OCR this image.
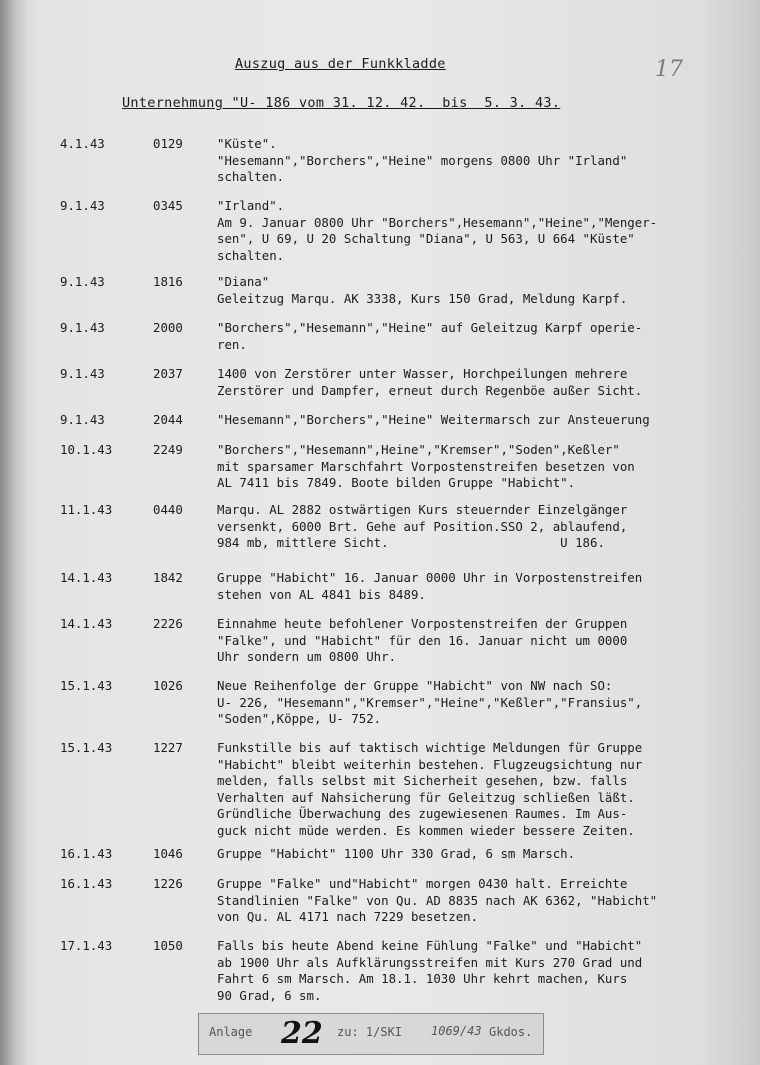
Auszug aus der Funkkladde
Unternehmung "U- 186 vom 31. 12. 42.  bis  5. 3. 43.
17
4.1.43	0129	"Küste".
"Hesemann","Borchers","Heine" morgens 0800 Uhr "Irland"
schalten.
9.1.43	0345	"Irland".
Am 9. Januar 0800 Uhr "Borchers",Hesemann","Heine","Menger-
sen", U 69, U 20 Schaltung "Diana", U 563, U 664 "Küste"
schalten.
9.1.43	1816	"Diana"
Geleitzug Marqu. AK 3338, Kurs 150 Grad, Meldung Karpf.
9.1.43	2000	"Borchers","Hesemann","Heine" auf Geleitzug Karpf operie-
ren.
9.1.43	2037	1400 von Zerstörer unter Wasser, Horchpeilungen mehrere
Zerstörer und Dampfer, erneut durch Regenböe außer Sicht.
9.1.43	2044	"Hesemann","Borchers","Heine" Weitermarsch zur Ansteuerung
10.1.43	2249	"Borchers","Hesemann",Heine","Kremser","Soden",Keßler"
mit sparsamer Marschfahrt Vorpostenstreifen besetzen von
AL 7411 bis 7849. Boote bilden Gruppe "Habicht".
11.1.43	0440	Marqu. AL 2882 ostwärtigen Kurs steuernder Einzelgänger
versenkt, 6000 Brt. Gehe auf Position.SSO 2, ablaufend,
984 mb, mittlere Sicht.                       U 186.
14.1.43	1842	Gruppe "Habicht" 16. Januar 0000 Uhr in Vorpostenstreifen
stehen von AL 4841 bis 8489.
14.1.43	2226	Einnahme heute befohlener Vorpostenstreifen der Gruppen
"Falke", und "Habicht" für den 16. Januar nicht um 0000
Uhr sondern um 0800 Uhr.
15.1.43	1026	Neue Reihenfolge der Gruppe "Habicht" von NW nach SO:
U- 226, "Hesemann","Kremser","Heine","Keßler","Fransius",
"Soden",Köppe, U- 752.
15.1.43	1227	Funkstille bis auf taktisch wichtige Meldungen für Gruppe
"Habicht" bleibt weiterhin bestehen. Flugzeugsichtung nur
melden, falls selbst mit Sicherheit gesehen, bzw. falls
Verhalten auf Nahsicherung für Geleitzug schließen läßt.
Gründliche Überwachung des zugewiesenen Raumes. Im Aus-
guck nicht müde werden. Es kommen wieder bessere Zeiten.
16.1.43	1046	Gruppe "Habicht" 1100 Uhr 330 Grad, 6 sm Marsch.
16.1.43	1226	Gruppe "Falke" und"Habicht" morgen 0430 halt. Erreichte
Standlinien "Falke" von Qu. AD 8835 nach AK 6362, "Habicht"
von Qu. AL 4171 nach 7229 besetzen.
17.1.43	1050	Falls bis heute Abend keine Fühlung "Falke" und "Habicht"
ab 1900 Uhr als Aufklärungsstreifen mit Kurs 270 Grad und
Fahrt 6 sm Marsch. Am 18.1. 1030 Uhr kehrt machen, Kurs
90 Grad, 6 sm.
Anlage 22 zu: 1/SKI 1069/43 Gkdos.
